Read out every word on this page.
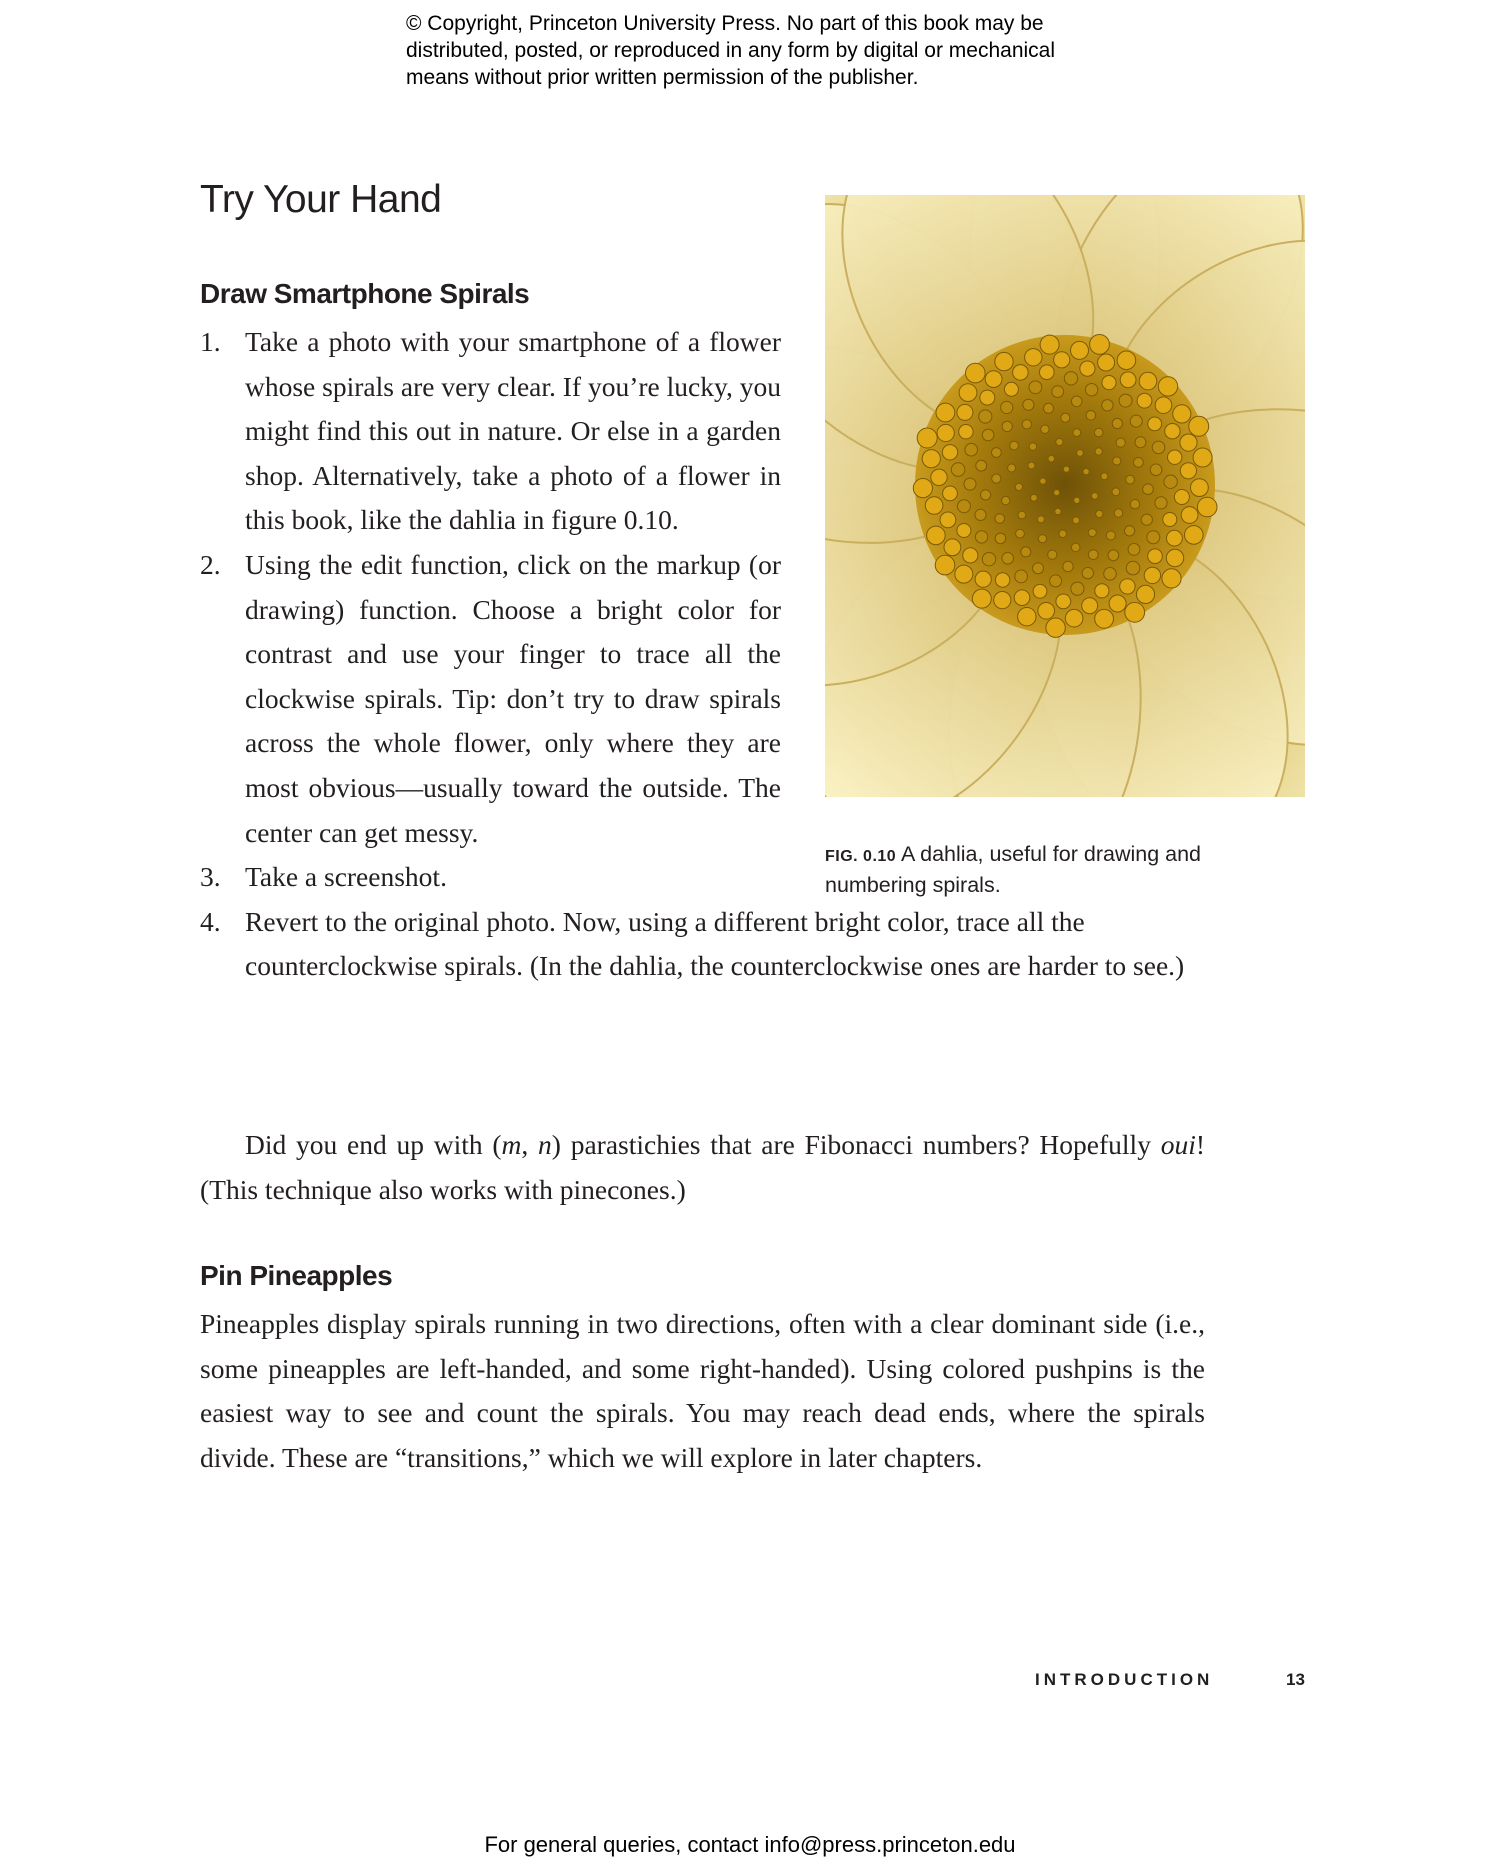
© Copyright, Princeton University Press. No part of this book may be
distributed, posted, or reproduced in any form by digital or mechanical
means without prior written permission of the publisher.
Try Your Hand
Draw Smartphone Spirals
1. Take a photo with your smartphone of a flower whose spirals are very clear. If you’re lucky, you might find this out in nature. Or else in a garden shop. Alternatively, take a photo of a flower in this book, like the dahlia in figure 0.10.
2. Using the edit function, click on the markup (or drawing) function. Choose a bright color for contrast and use your finger to trace all the clockwise spirals. Tip: don’t try to draw spirals across the whole flower, only where they are most obvious—usually toward the outside. The center can get messy.
3. Take a screenshot.
4. Revert to the original photo. Now, using a different bright color, trace all the counterclockwise spirals. (In the dahlia, the counterclockwise ones are harder to see.)

Did you end up with (m, n) parastichies that are Fibonacci numbers? Hopefully oui! (This technique also works with pinecones.)

Pin Pineapples

Pineapples display spirals running in two directions, often with a clear dominant side (i.e., some pineapples are left-handed, and some right-handed). Using colored pushpins is the easiest way to see and count the spirals. You may reach dead ends, where the spirals divide. These are “transitions,” which we will explore in later chapters.

FIG. 0.10 A dahlia, useful for drawing and numbering spirals.
INTRODUCTION	13
For general queries, contact info@press.princeton.edu
